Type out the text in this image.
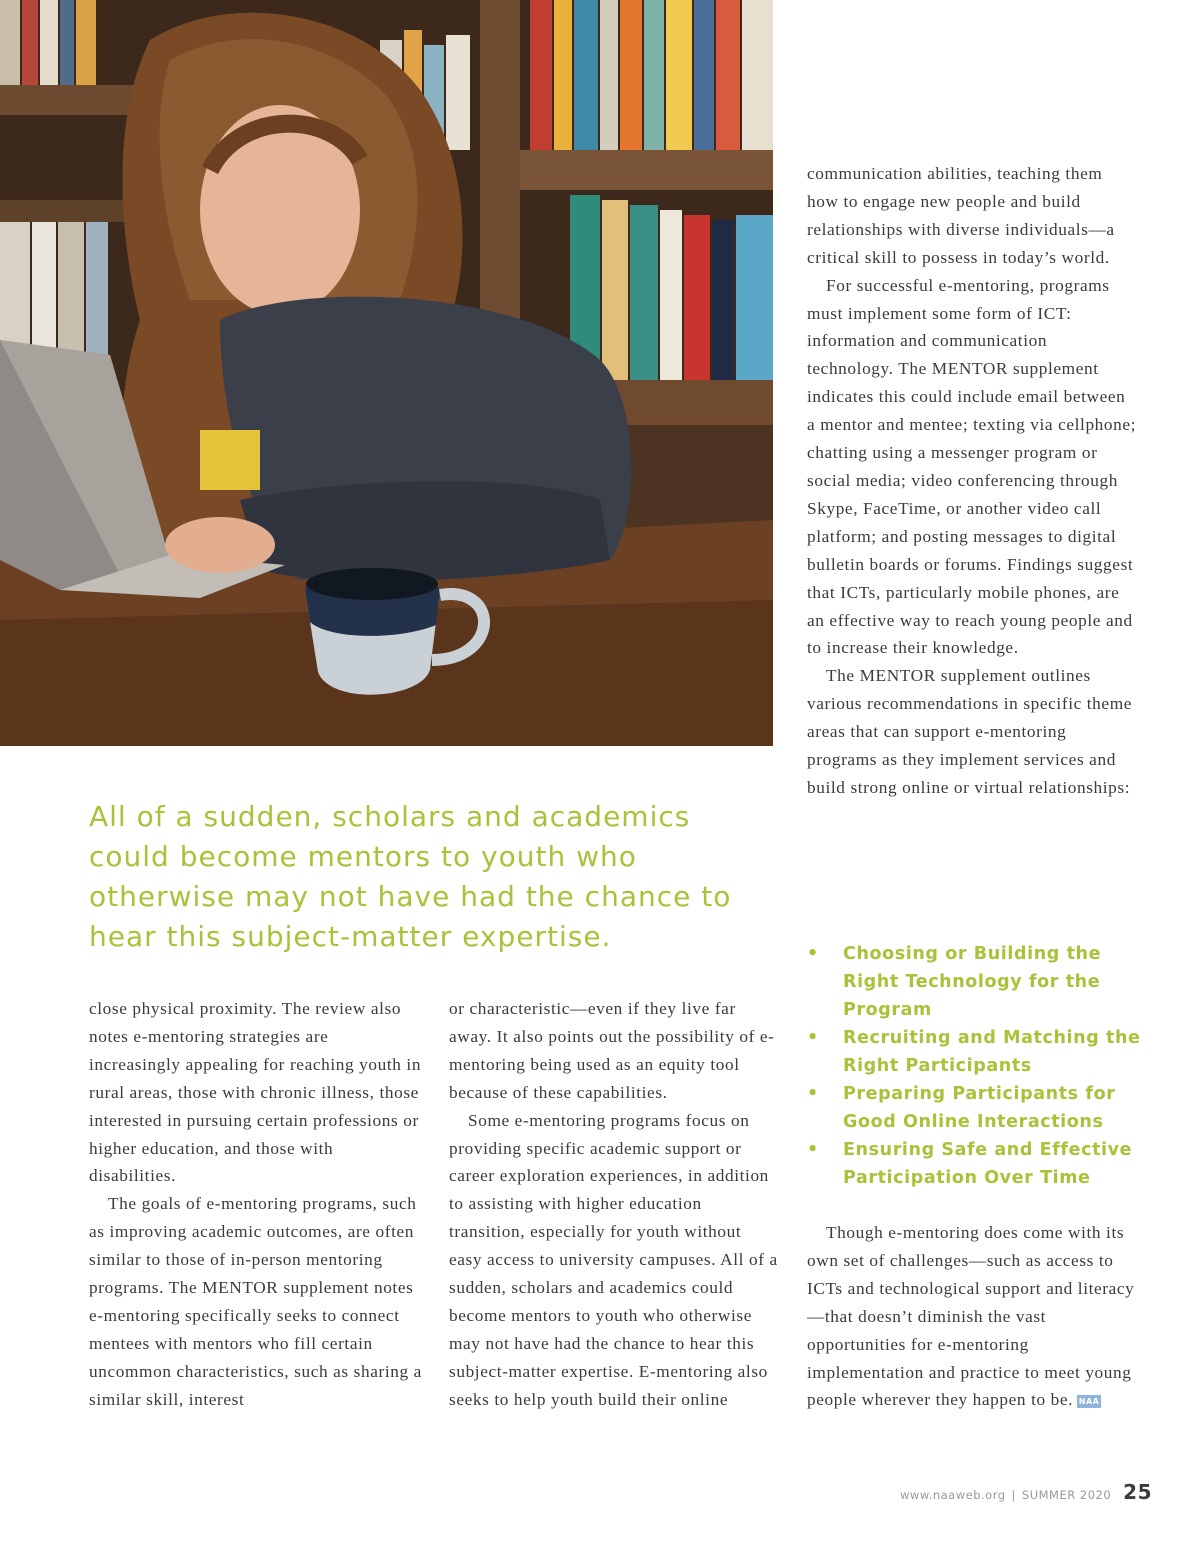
All of a sudden, scholars and academics could become mentors to youth who otherwise may not have had the chance to hear this subject-matter expertise.

close physical proximity. The review also notes e-mentoring strategies are increasingly appealing for reaching youth in rural areas, those with chronic illness, those interested in pursuing certain professions or higher education, and those with disabilities.

The goals of e-mentoring programs, such as improving academic outcomes, are often similar to those of in-person mentoring programs. The MENTOR supplement notes e-mentoring specifically seeks to connect mentees with mentors who fill certain uncommon characteristics, such as sharing a similar skill, interest

or characteristic—even if they live far away. It also points out the possibility of e-mentoring being used as an equity tool because of these capabilities.

Some e-mentoring programs focus on providing specific academic support or career exploration experiences, in addition to assisting with higher education transition, especially for youth without easy access to university campuses. All of a sudden, scholars and academics could become mentors to youth who otherwise may not have had the chance to hear this subject-matter expertise. E-mentoring also seeks to help youth build their online

communication abilities, teaching them how to engage new people and build relationships with diverse individuals—a critical skill to possess in today’s world.

For successful e-mentoring, programs must implement some form of ICT: information and communication technology. The MENTOR supplement indicates this could include email between a mentor and mentee; texting via cellphone; chatting using a messenger program or social media; video conferencing through Skype, FaceTime, or another video call platform; and posting messages to digital bulletin boards or forums. Findings suggest that ICTs, particularly mobile phones, are an effective way to reach young people and to increase their knowledge.

The MENTOR supplement outlines various recommendations in specific theme areas that can support e-mentoring programs as they implement services and build strong online or virtual relationships:

• Choosing or Building the Right Technology for the Program
• Recruiting and Matching the Right Participants
• Preparing Participants for Good Online Interactions
• Ensuring Safe and Effective Participation Over Time

Though e-mentoring does come with its own set of challenges—such as access to ICTs and technological support and literacy—that doesn’t diminish the vast opportunities for e-mentoring implementation and practice to meet young people wherever they happen to be. NAA

www.naaweb.org | SUMMER 2020 25
